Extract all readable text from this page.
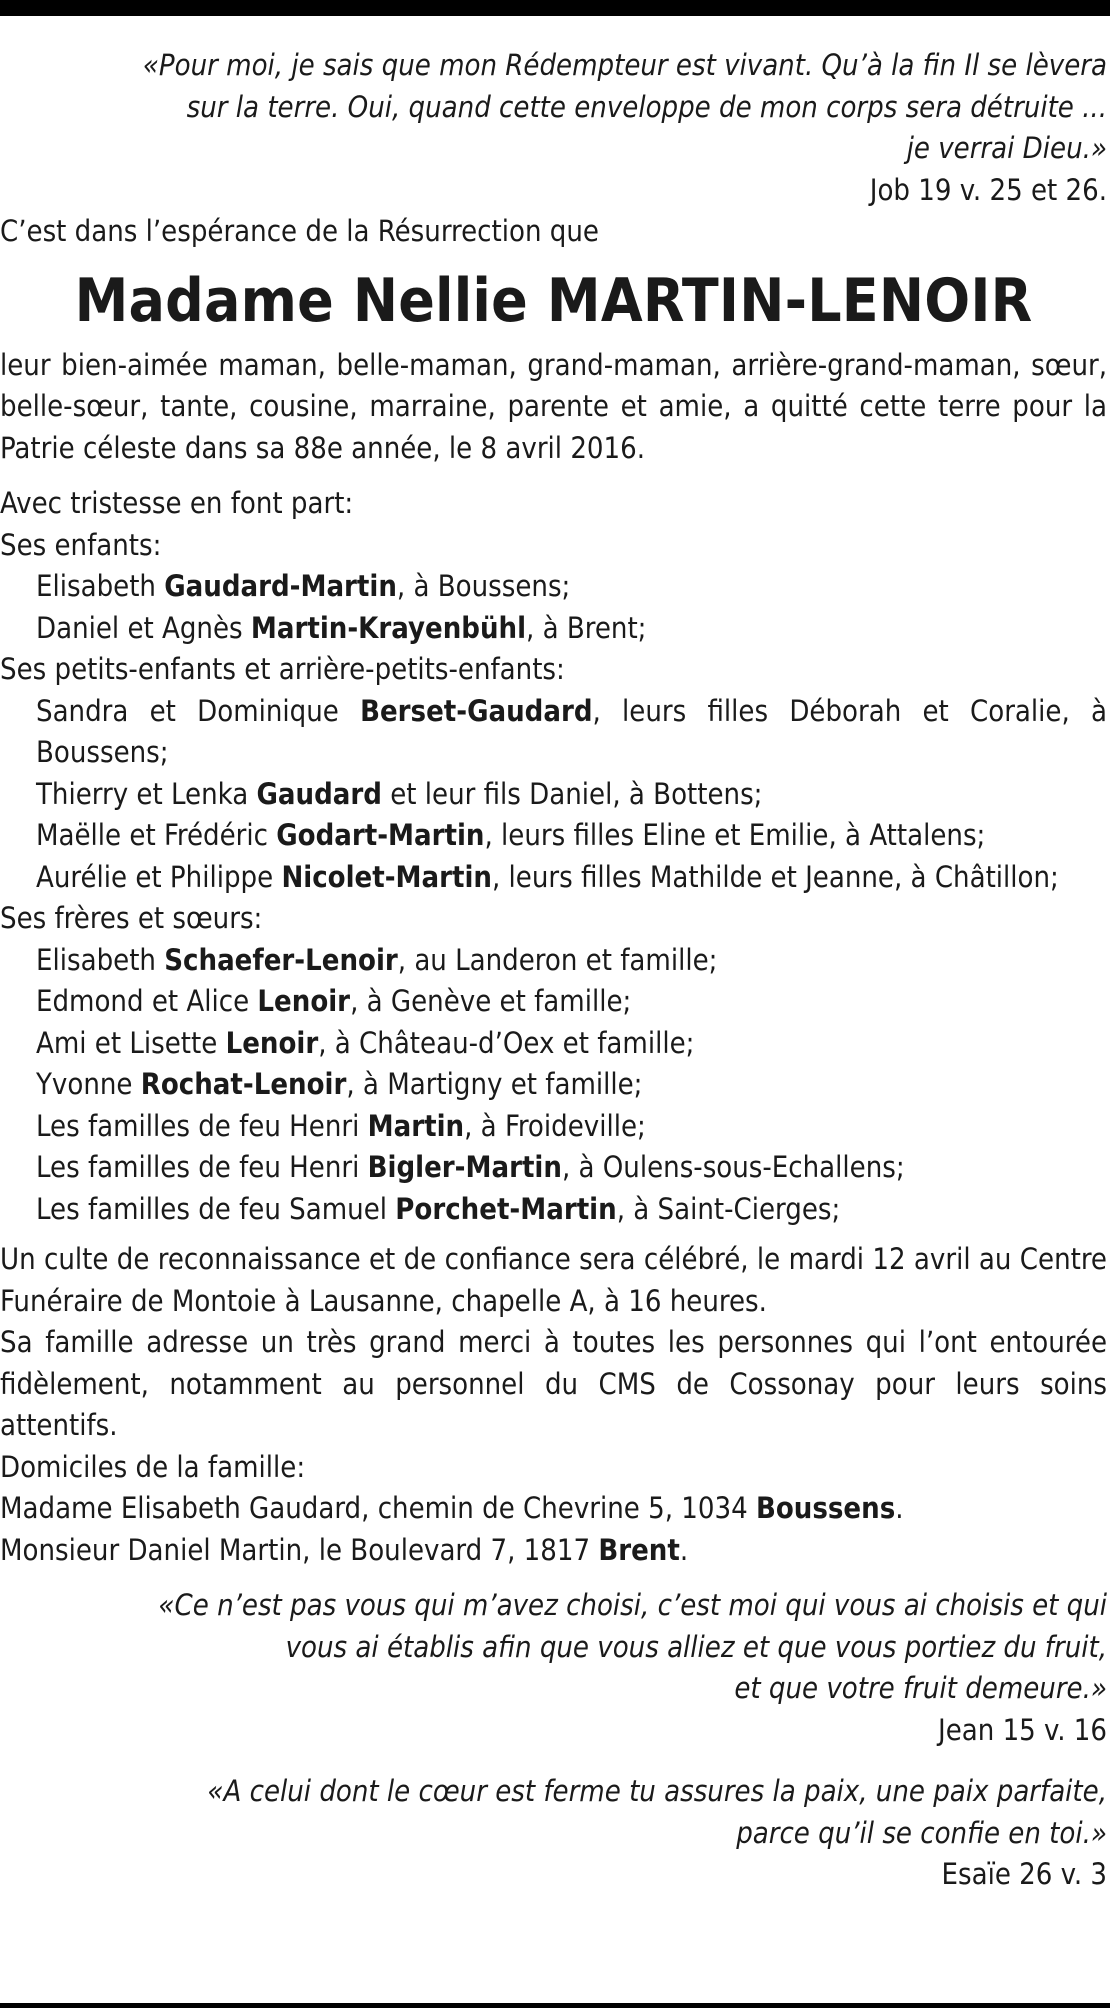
«Pour moi, je sais que mon Rédempteur est vivant. Qu’à la fin Il se lèvera
sur la terre. Oui, quand cette enveloppe de mon corps sera détruite ...
je verrai Dieu.»
Job 19 v. 25 et 26.
C’est dans l’espérance de la Résurrection que
Madame Nellie MARTIN-LENOIR
leur bien-aimée maman, belle-maman, grand-maman, arrière-grand-maman, sœur, belle-sœur, tante, cousine, marraine, parente et amie, a quitté cette terre pour la Patrie céleste dans sa 88e année, le 8 avril 2016.
Avec tristesse en font part:
Ses enfants:
Elisabeth Gaudard-Martin, à Boussens;
Daniel et Agnès Martin-Krayenbühl, à Brent;
Ses petits-enfants et arrière-petits-enfants:
Sandra et Dominique Berset-Gaudard, leurs filles Déborah et Coralie, à Boussens;
Thierry et Lenka Gaudard et leur fils Daniel, à Bottens;
Maëlle et Frédéric Godart-Martin, leurs filles Eline et Emilie, à Attalens;
Aurélie et Philippe Nicolet-Martin, leurs filles Mathilde et Jeanne, à Châtillon;
Ses frères et sœurs:
Elisabeth Schaefer-Lenoir, au Landeron et famille;
Edmond et Alice Lenoir, à Genève et famille;
Ami et Lisette Lenoir, à Château-d’Oex et famille;
Yvonne Rochat-Lenoir, à Martigny et famille;
Les familles de feu Henri Martin, à Froideville;
Les familles de feu Henri Bigler-Martin, à Oulens-sous-Echallens;
Les familles de feu Samuel Porchet-Martin, à Saint-Cierges;
Un culte de reconnaissance et de confiance sera célébré, le mardi 12 avril au Centre Funéraire de Montoie à Lausanne, chapelle A, à 16 heures.
Sa famille adresse un très grand merci à toutes les personnes qui l’ont entourée fidèlement, notamment au personnel du CMS de Cossonay pour leurs soins attentifs.
Domiciles de la famille:
Madame Elisabeth Gaudard, chemin de Chevrine 5, 1034 Boussens.
Monsieur Daniel Martin, le Boulevard 7, 1817 Brent.
«Ce n’est pas vous qui m’avez choisi, c’est moi qui vous ai choisis et qui
vous ai établis afin que vous alliez et que vous portiez du fruit,
et que votre fruit demeure.»
Jean 15 v. 16
«A celui dont le cœur est ferme tu assures la paix, une paix parfaite,
parce qu’il se confie en toi.»
Esaïe 26 v. 3
